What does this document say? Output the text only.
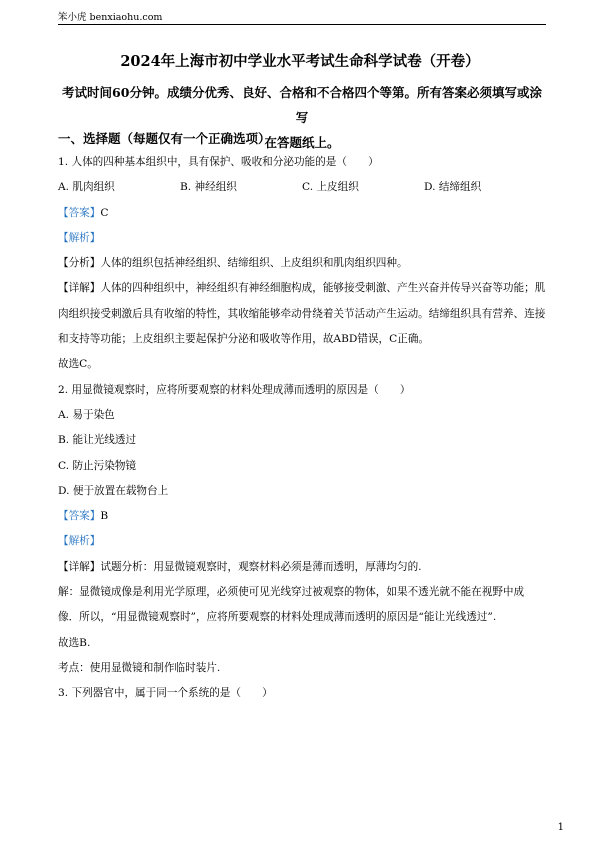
笨小虎 benxiaohu.com
2024年上海市初中学业水平考试生命科学试卷（开卷）
考试时间60分钟。成绩分优秀、良好、合格和不合格四个等第。所有答案必须填写或涂写
在答题纸上。
一、选择题（每题仅有一个正确选项）
1. 人体的四种基本组织中，具有保护、吸收和分泌功能的是（　　）
A. 肌肉组织	B. 神经组织	C. 上皮组织	D. 结缔组织
【答案】C
【解析】
【分析】人体的组织包括神经组织、结缔组织、上皮组织和肌肉组织四种。
【详解】人体的四种组织中，神经组织有神经细胞构成，能够接受刺激、产生兴奋并传导兴奋等功能；肌
肉组织接受刺激后具有收缩的特性，其收缩能够牵动骨绕着关节活动产生运动。结缔组织具有营养、连接
和支持等功能；上皮组织主要起保护分泌和吸收等作用，故ABD错误，C正确。
故选C。
2. 用显微镜观察时，应将所要观察的材料处理成薄而透明的原因是（　　）
A. 易于染色
B. 能让光线透过
C. 防止污染物镜
D. 便于放置在载物台上
【答案】B
【解析】
【详解】试题分析：用显微镜观察时，观察材料必须是薄而透明，厚薄均匀的.
解：显微镜成像是利用光学原理，必须使可见光线穿过被观察的物体，如果不透光就不能在视野中成
像．所以，“用显微镜观察时”，应将所要观察的材料处理成薄而透明的原因是“能让光线透过”.
故选B.
考点：使用显微镜和制作临时装片.
3. 下列器官中，属于同一个系统的是（　　）
1
